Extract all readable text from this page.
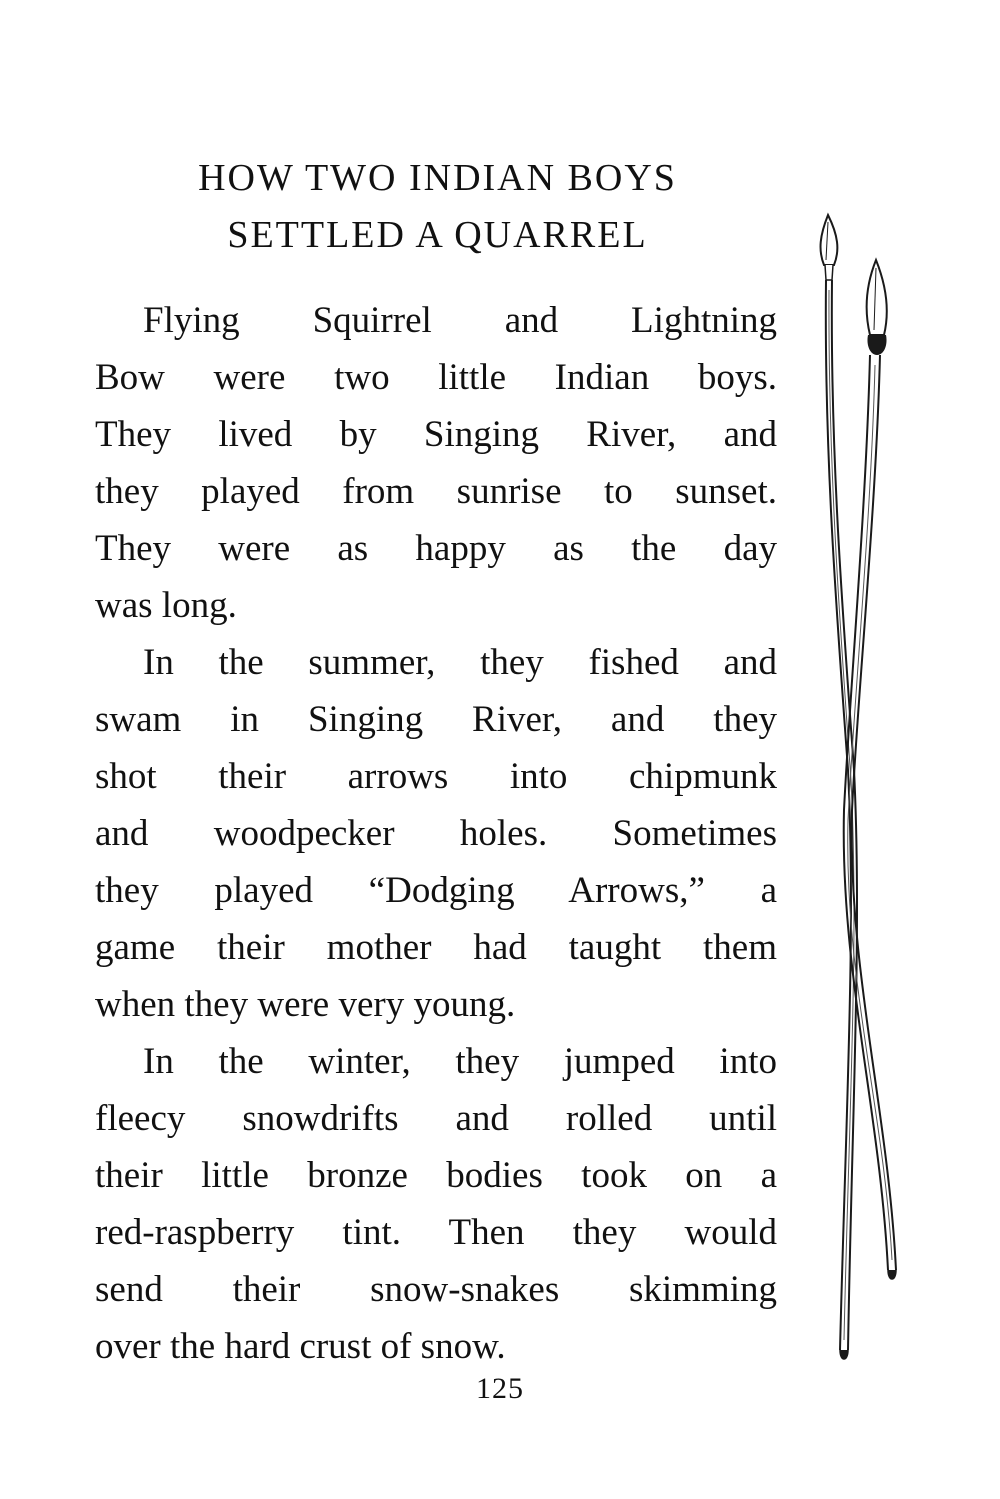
HOW TWO INDIAN BOYS
SETTLED A QUARREL
Flying Squirrel and Lightning
Bow were two little Indian boys.
They lived by Singing River, and
they played from sunrise to sunset.
They were as happy as the day
was long.
In the summer, they fished and
swam in Singing River, and they
shot their arrows into chipmunk
and woodpecker holes. Sometimes
they played “Dodging Arrows,” a
game their mother had taught them
when they were very young.
In the winter, they jumped into
fleecy snowdrifts and rolled until
their little bronze bodies took on a
red-raspberry tint. Then they would
send their snow-snakes skimming
over the hard crust of snow.
125
